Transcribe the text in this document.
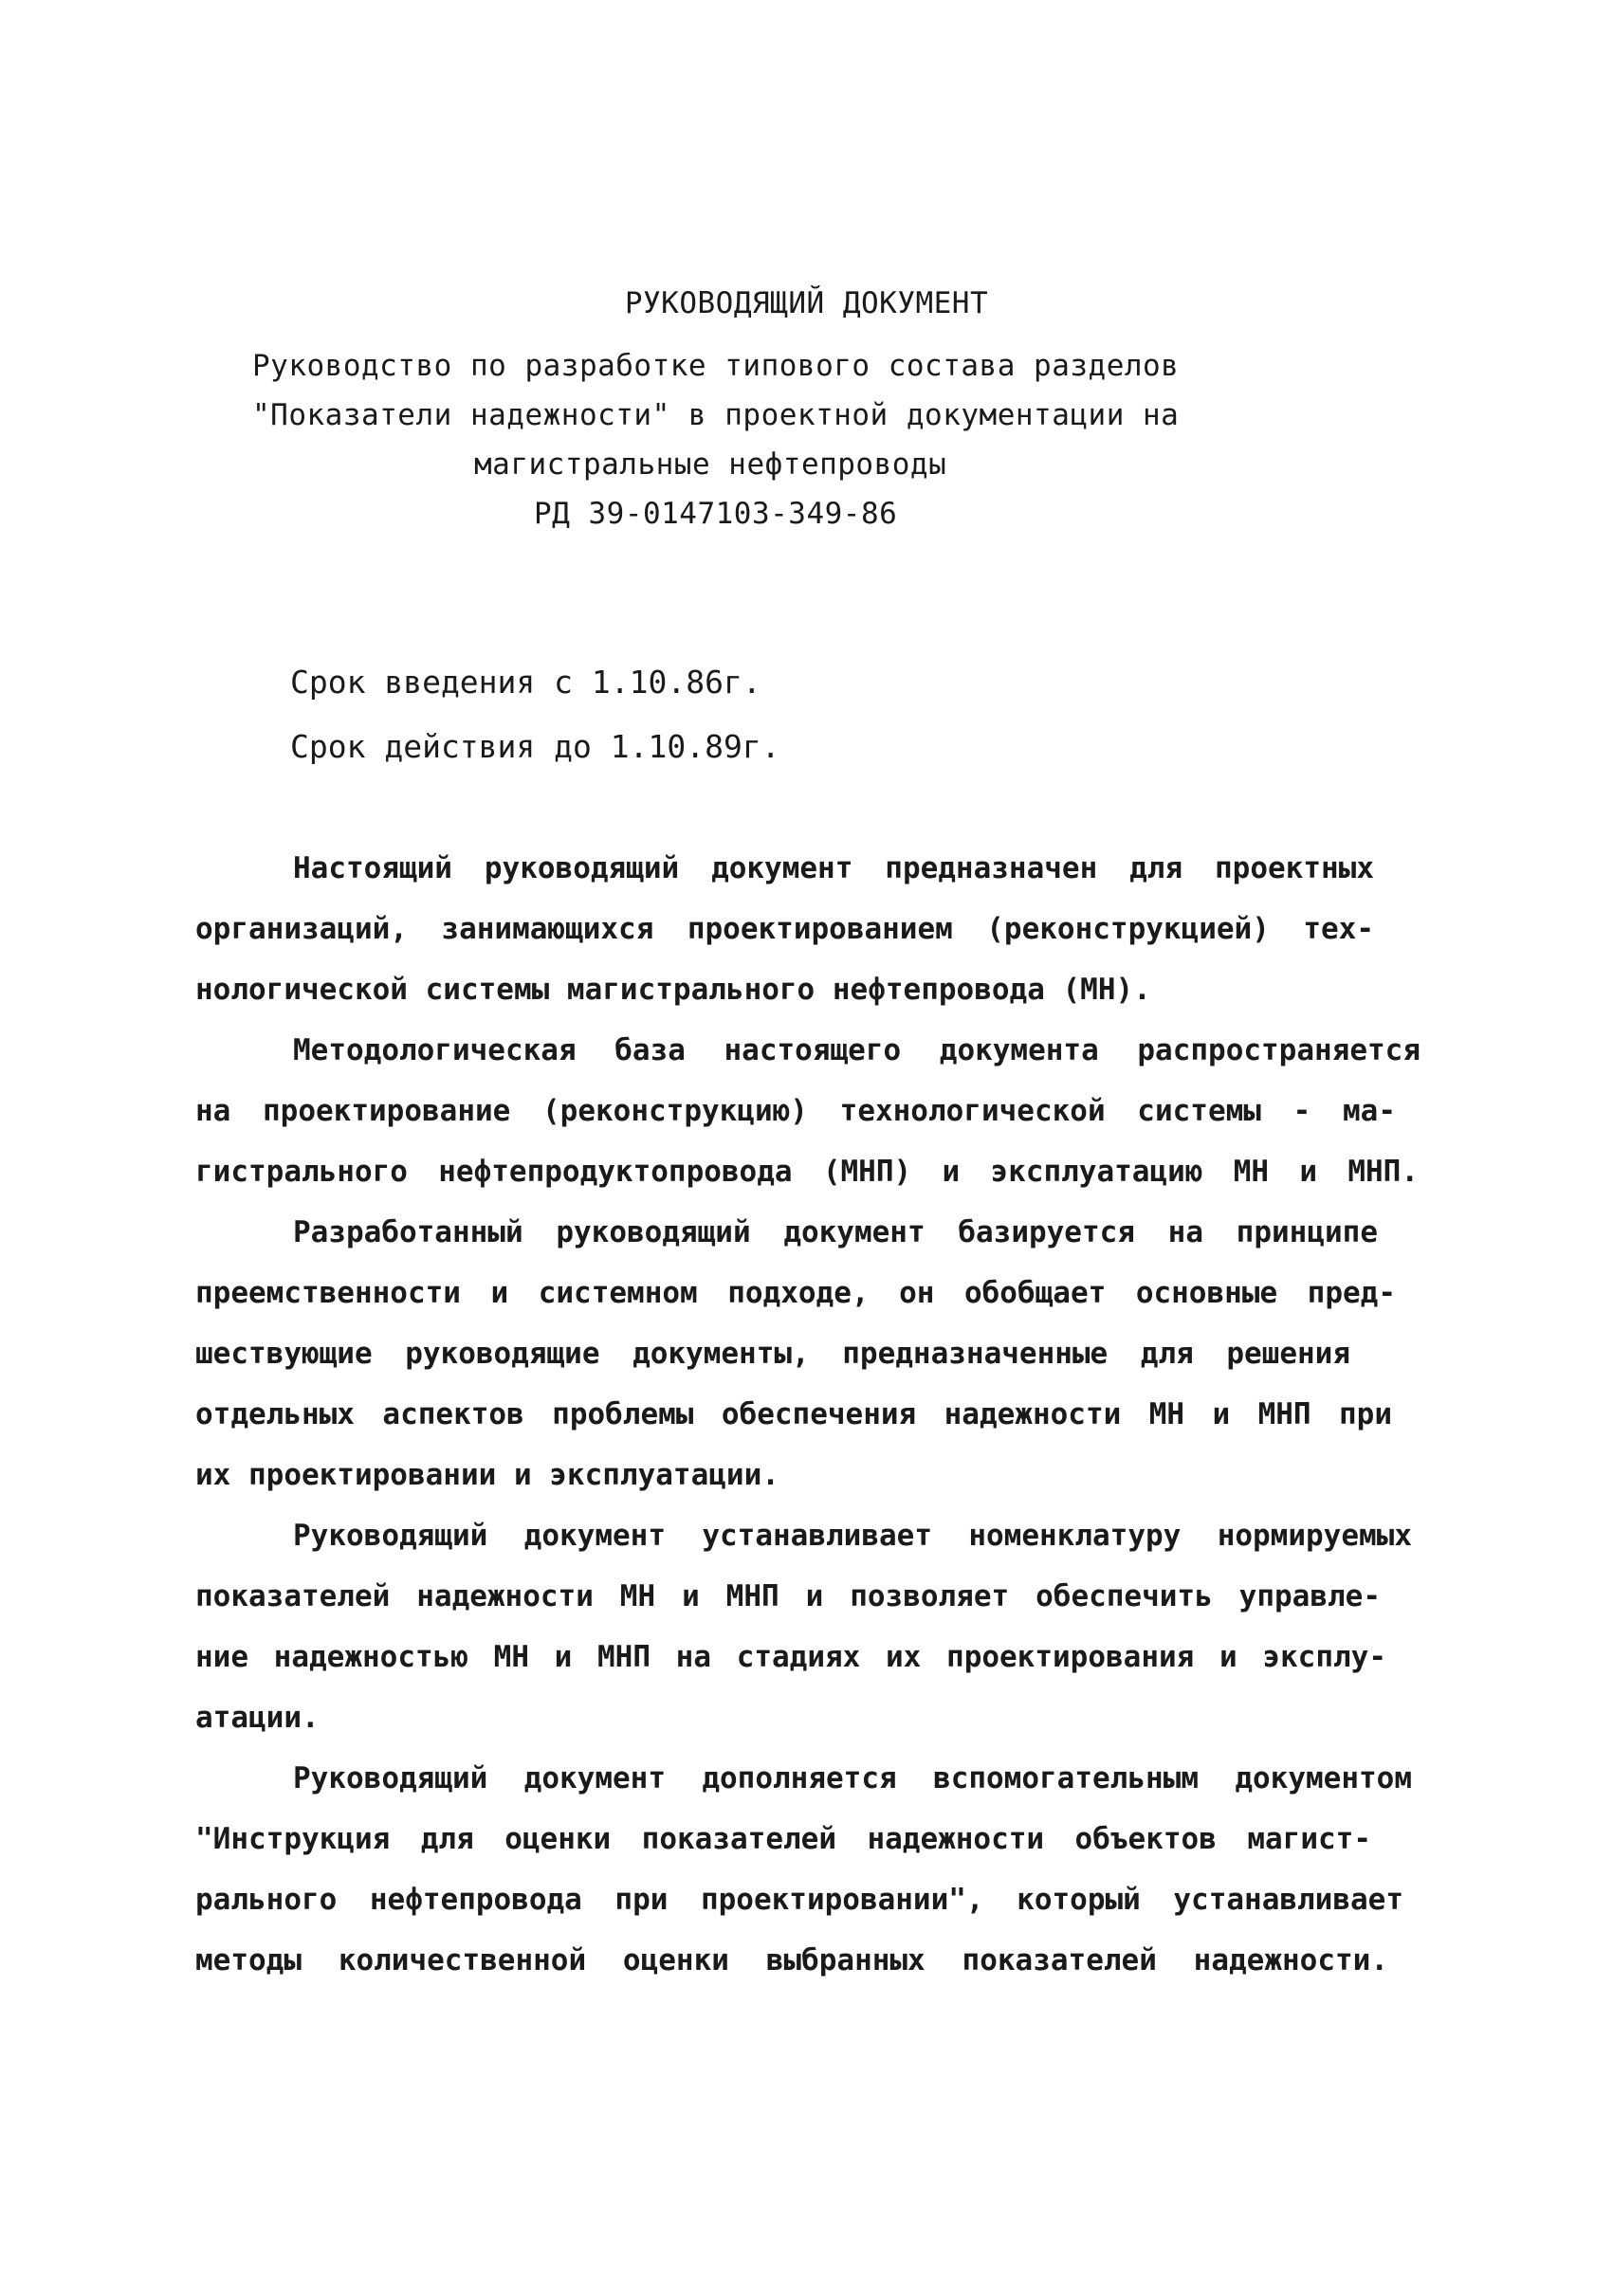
РУКОВОДЯЩИЙ ДОКУМЕНТ
Руководство по разработке типового состава разделов
"Показатели надежности" в проектной документации на
магистральные нефтепроводы
РД 39-0147103-349-86
Срок введения с 1.10.86г.
Срок действия до 1.10.89г.
Настоящий руководящий документ предназначен для проектных
организаций, занимающихся проектированием (реконструкцией) тех-
нологической системы магистрального нефтепровода (МН).
Методологическая база настоящего документа распространяется
на проектирование (реконструкцию) технологической системы - ма-
гистрального нефтепродуктопровода (МНП) и эксплуатацию МН и МНП.
Разработанный руководящий документ базируется на принципе
преемственности и системном подходе, он обобщает основные пред-
шествующие руководящие документы, предназначенные для решения
отдельных аспектов проблемы обеспечения надежности МН и МНП при
их проектировании и эксплуатации.
Руководящий документ устанавливает номенклатуру нормируемых
показателей надежности МН и МНП и позволяет обеспечить управле-
ние надежностью МН и МНП на стадиях их проектирования и эксплу-
атации.
Руководящий документ дополняется вспомогательным документом
"Инструкция для оценки показателей надежности объектов магист-
рального нефтепровода при проектировании", который устанавливает
методы количественной оценки выбранных показателей надежности.
